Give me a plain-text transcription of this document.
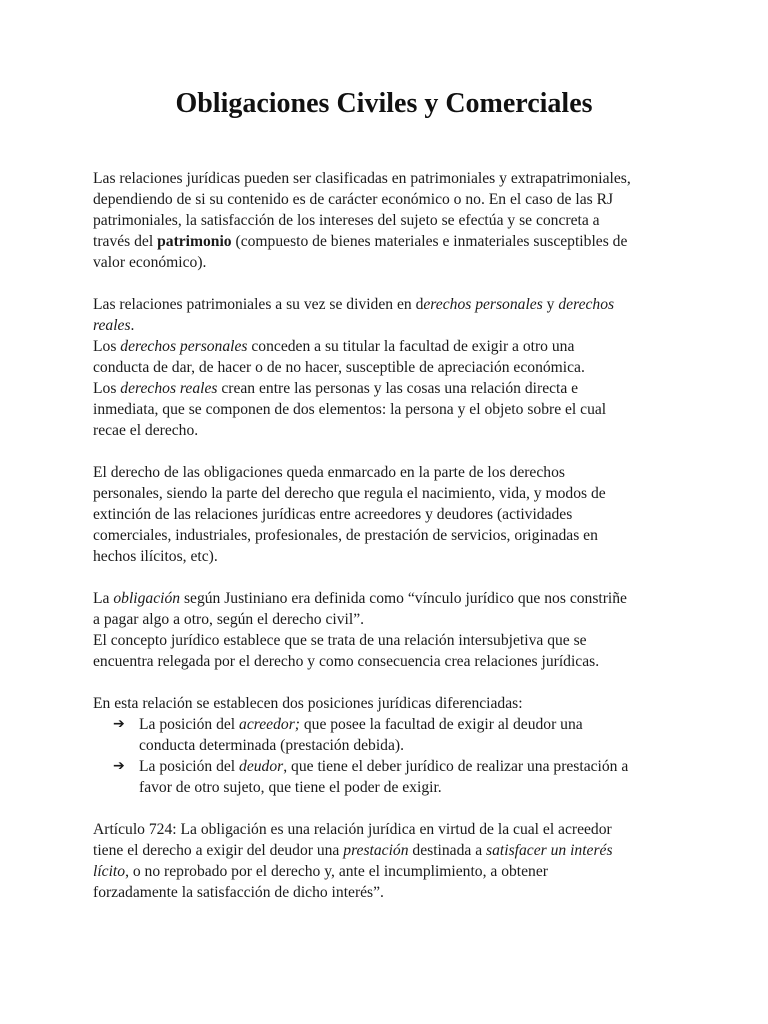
Obligaciones Civiles y Comerciales

Las relaciones jurídicas pueden ser clasificadas en patrimoniales y extrapatrimoniales,
dependiendo de si su contenido es de carácter económico o no. En el caso de las RJ
patrimoniales, la satisfacción de los intereses del sujeto se efectúa y se concreta a
través del patrimonio (compuesto de bienes materiales e inmateriales susceptibles de
valor económico).

Las relaciones patrimoniales a su vez se dividen en derechos personales y derechos
reales.
Los derechos personales conceden a su titular la facultad de exigir a otro una
conducta de dar, de hacer o de no hacer, susceptible de apreciación económica.
Los derechos reales crean entre las personas y las cosas una relación directa e
inmediata, que se componen de dos elementos: la persona y el objeto sobre el cual
recae el derecho.

El derecho de las obligaciones queda enmarcado en la parte de los derechos
personales, siendo la parte del derecho que regula el nacimiento, vida, y modos de
extinción de las relaciones jurídicas entre acreedores y deudores (actividades
comerciales, industriales, profesionales, de prestación de servicios, originadas en
hechos ilícitos, etc).

La obligación según Justiniano era definida como “vínculo jurídico que nos constriñe
a pagar algo a otro, según el derecho civil”.
El concepto jurídico establece que se trata de una relación intersubjetiva que se
encuentra relegada por el derecho y como consecuencia crea relaciones jurídicas.

En esta relación se establecen dos posiciones jurídicas diferenciadas:
➔ La posición del acreedor; que posee la facultad de exigir al deudor una
conducta determinada (prestación debida).
➔ La posición del deudor, que tiene el deber jurídico de realizar una prestación a
favor de otro sujeto, que tiene el poder de exigir.

Artículo 724: La obligación es una relación jurídica en virtud de la cual el acreedor
tiene el derecho a exigir del deudor una prestación destinada a satisfacer un interés
lícito, o no reprobado por el derecho y, ante el incumplimiento, a obtener
forzadamente la satisfacción de dicho interés”.
